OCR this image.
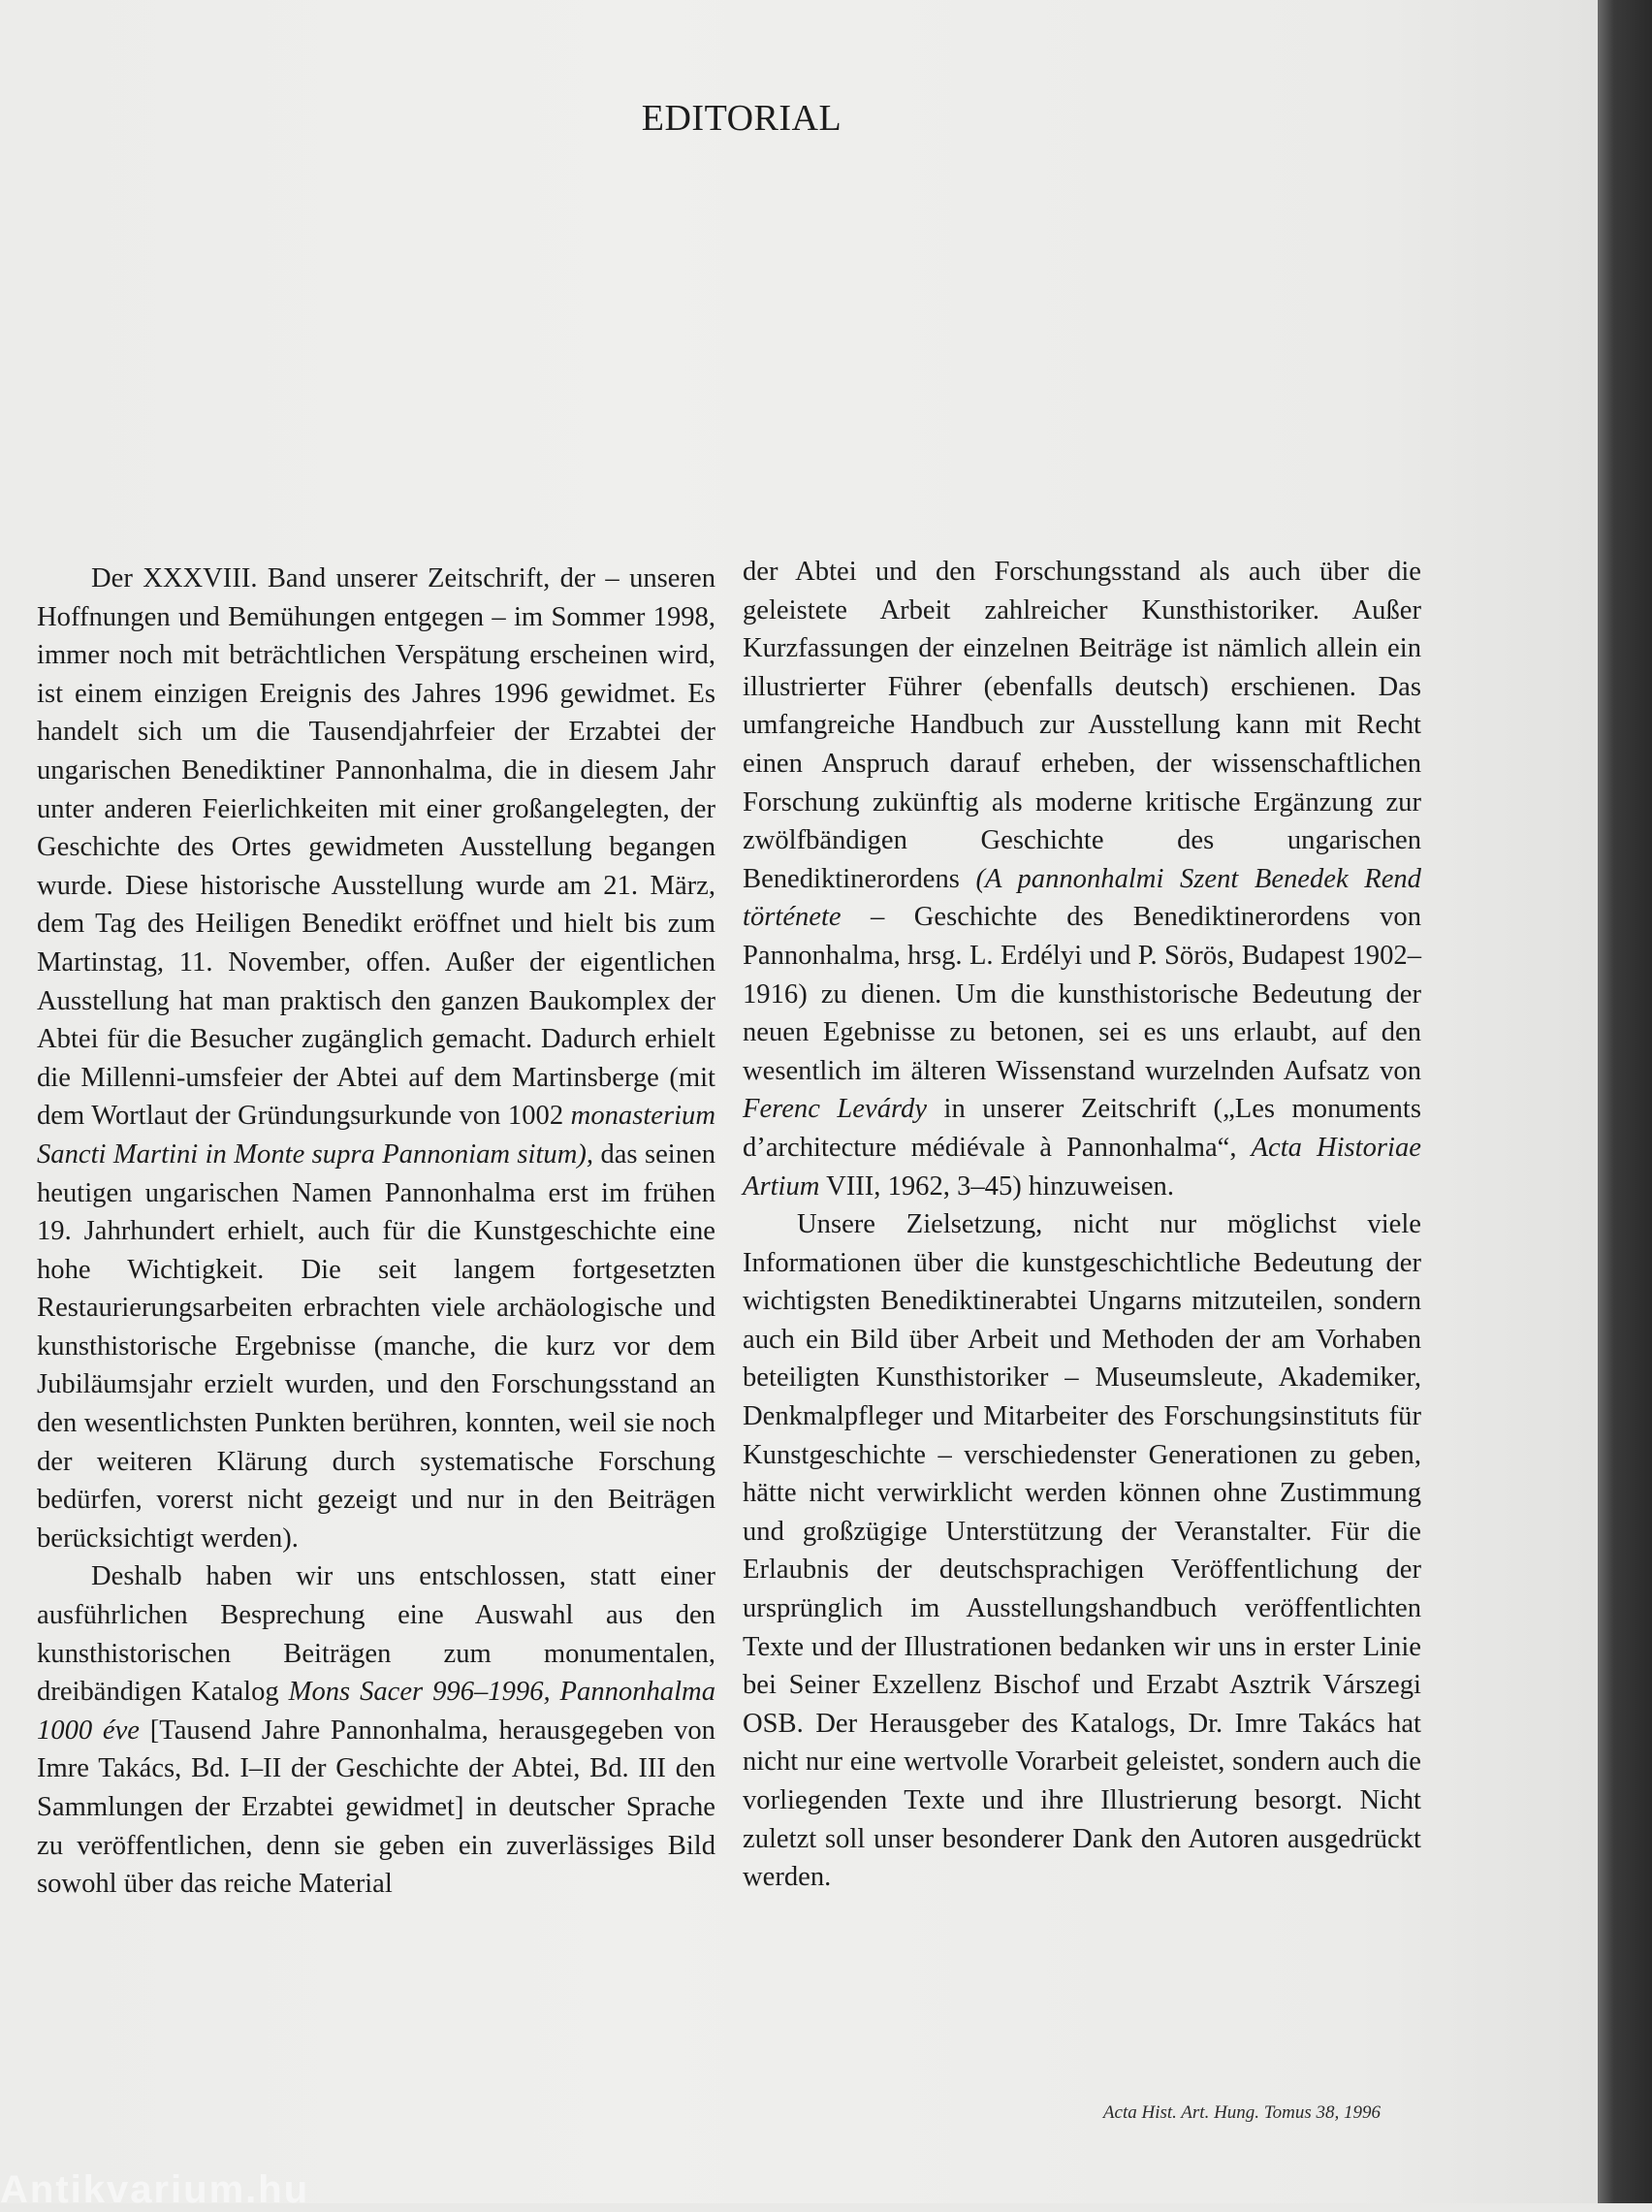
EDITORIAL

Der XXXVIII. Band unserer Zeitschrift, der – unseren Hoffnungen und Bemühungen entgegen – im Sommer 1998, immer noch mit beträchtlichen Verspätung erscheinen wird, ist einem einzigen Ereignis des Jahres 1996 gewidmet. Es handelt sich um die Tausendjahrfeier der Erzabtei der ungarischen Benediktiner Pannonhalma, die in diesem Jahr unter anderen Feierlichkeiten mit einer großangelegten, der Geschichte des Ortes gewidmeten Ausstellung begangen wurde. Diese historische Ausstellung wurde am 21. März, dem Tag des Heiligen Benedikt eröffnet und hielt bis zum Martinstag, 11. November, offen. Außer der eigentlichen Ausstellung hat man praktisch den ganzen Baukomplex der Abtei für die Besucher zugänglich gemacht. Dadurch erhielt die Millenni-umsfeier der Abtei auf dem Martinsberge (mit dem Wortlaut der Gründungsurkunde von 1002 monasterium Sancti Martini in Monte supra Pannoniam situm), das seinen heutigen ungarischen Namen Pannonhalma erst im frühen 19. Jahrhundert erhielt, auch für die Kunstgeschichte eine hohe Wichtigkeit. Die seit langem fortgesetzten Restaurierungsarbeiten erbrachten viele archäologische und kunsthistorische Ergebnisse (manche, die kurz vor dem Jubiläumsjahr erzielt wurden, und den Forschungsstand an den wesentlichsten Punkten berühren, konnten, weil sie noch der weiteren Klärung durch systematische Forschung bedürfen, vorerst nicht gezeigt und nur in den Beiträgen berücksichtigt werden).

Deshalb haben wir uns entschlossen, statt einer ausführlichen Besprechung eine Auswahl aus den kunsthistorischen Beiträgen zum monumentalen, dreibändigen Katalog Mons Sacer 996–1996, Pannonhalma 1000 éve [Tausend Jahre Pannonhalma, herausgegeben von Imre Takács, Bd. I–II der Geschichte der Abtei, Bd. III den Sammlungen der Erzabtei gewidmet] in deutscher Sprache zu veröffentlichen, denn sie geben ein zuverlässiges Bild sowohl über das reiche Material

der Abtei und den Forschungsstand als auch über die geleistete Arbeit zahlreicher Kunsthistoriker. Außer Kurzfassungen der einzelnen Beiträge ist nämlich allein ein illustrierter Führer (ebenfalls deutsch) erschienen. Das umfangreiche Handbuch zur Ausstellung kann mit Recht einen Anspruch darauf erheben, der wissenschaftlichen Forschung zukünftig als moderne kritische Ergänzung zur zwölfbändigen Geschichte des ungarischen Benediktinerordens (A pannonhalmi Szent Benedek Rend története – Geschichte des Benediktinerordens von Pannonhalma, hrsg. L. Erdélyi und P. Sörös, Budapest 1902–1916) zu dienen. Um die kunsthistorische Bedeutung der neuen Egebnisse zu betonen, sei es uns erlaubt, auf den wesentlich im älteren Wissenstand wurzelnden Aufsatz von Ferenc Levárdy in unserer Zeitschrift („Les monuments d’architecture médiévale à Pannonhalma“, Acta Historiae Artium VIII, 1962, 3–45) hinzuweisen.

Unsere Zielsetzung, nicht nur möglichst viele Informationen über die kunstgeschichtliche Bedeutung der wichtigsten Benediktinerabtei Ungarns mitzuteilen, sondern auch ein Bild über Arbeit und Methoden der am Vorhaben beteiligten Kunsthistoriker – Museumsleute, Akademiker, Denkmalpfleger und Mitarbeiter des Forschungsinstituts für Kunstgeschichte – verschiedenster Generationen zu geben, hätte nicht verwirklicht werden können ohne Zustimmung und großzügige Unterstützung der Veranstalter. Für die Erlaubnis der deutschsprachigen Veröffentlichung der ursprünglich im Ausstellungshandbuch veröffentlichten Texte und der Illustrationen bedanken wir uns in erster Linie bei Seiner Exzellenz Bischof und Erzabt Asztrik Várszegi OSB. Der Herausgeber des Katalogs, Dr. Imre Takács hat nicht nur eine wertvolle Vorarbeit geleistet, sondern auch die vorliegenden Texte und ihre Illustrierung besorgt. Nicht zuletzt soll unser besonderer Dank den Autoren ausgedrückt werden.

Acta Hist. Art. Hung. Tomus 38, 1996
Antikvarium.hu
